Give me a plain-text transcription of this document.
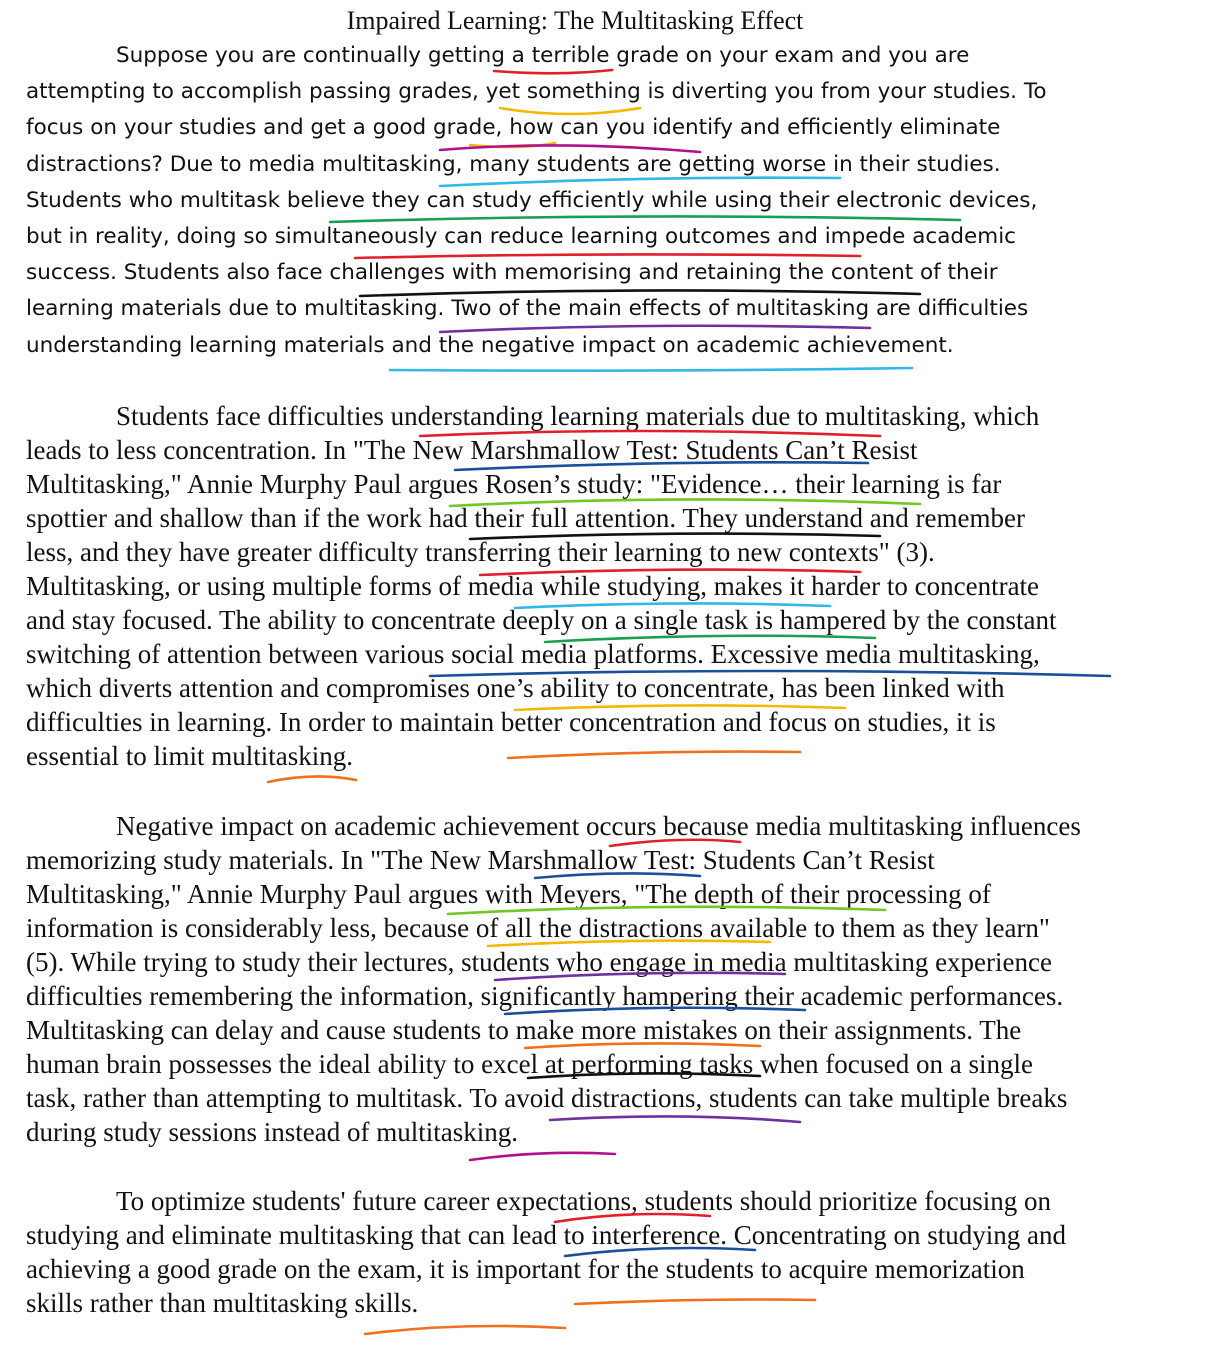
Impaired Learning: The Multitasking Effect
Suppose you are continually getting a terrible grade on your exam and you are
attempting to accomplish passing grades, yet something is diverting you from your studies. To
focus on your studies and get a good grade, how can you identify and efficiently eliminate
distractions? Due to media multitasking, many students are getting worse in their studies.
Students who multitask believe they can study efficiently while using their electronic devices,
but in reality, doing so simultaneously can reduce learning outcomes and impede academic
success. Students also face challenges with memorising and retaining the content of their
learning materials due to multitasking. Two of the main effects of multitasking are difficulties
understanding learning materials and the negative impact on academic achievement.
Students face difficulties understanding learning materials due to multitasking, which
leads to less concentration. In "The New Marshmallow Test: Students Can’t Resist
Multitasking," Annie Murphy Paul argues Rosen’s study: "Evidence… their learning is far
spottier and shallow than if the work had their full attention. They understand and remember
less, and they have greater difficulty transferring their learning to new contexts" (3).
Multitasking, or using multiple forms of media while studying, makes it harder to concentrate
and stay focused. The ability to concentrate deeply on a single task is hampered by the constant
switching of attention between various social media platforms. Excessive media multitasking,
which diverts attention and compromises one’s ability to concentrate, has been linked with
difficulties in learning. In order to maintain better concentration and focus on studies, it is
essential to limit multitasking.
Negative impact on academic achievement occurs because media multitasking influences
memorizing study materials. In "The New Marshmallow Test: Students Can’t Resist
Multitasking," Annie Murphy Paul argues with Meyers, "The depth of their processing of
information is considerably less, because of all the distractions available to them as they learn"
(5). While trying to study their lectures, students who engage in media multitasking experience
difficulties remembering the information, significantly hampering their academic performances.
Multitasking can delay and cause students to make more mistakes on their assignments. The
human brain possesses the ideal ability to excel at performing tasks when focused on a single
task, rather than attempting to multitask. To avoid distractions, students can take multiple breaks
during study sessions instead of multitasking.
To optimize students' future career expectations, students should prioritize focusing on
studying and eliminate multitasking that can lead to interference. Concentrating on studying and
achieving a good grade on the exam, it is important for the students to acquire memorization
skills rather than multitasking skills.
